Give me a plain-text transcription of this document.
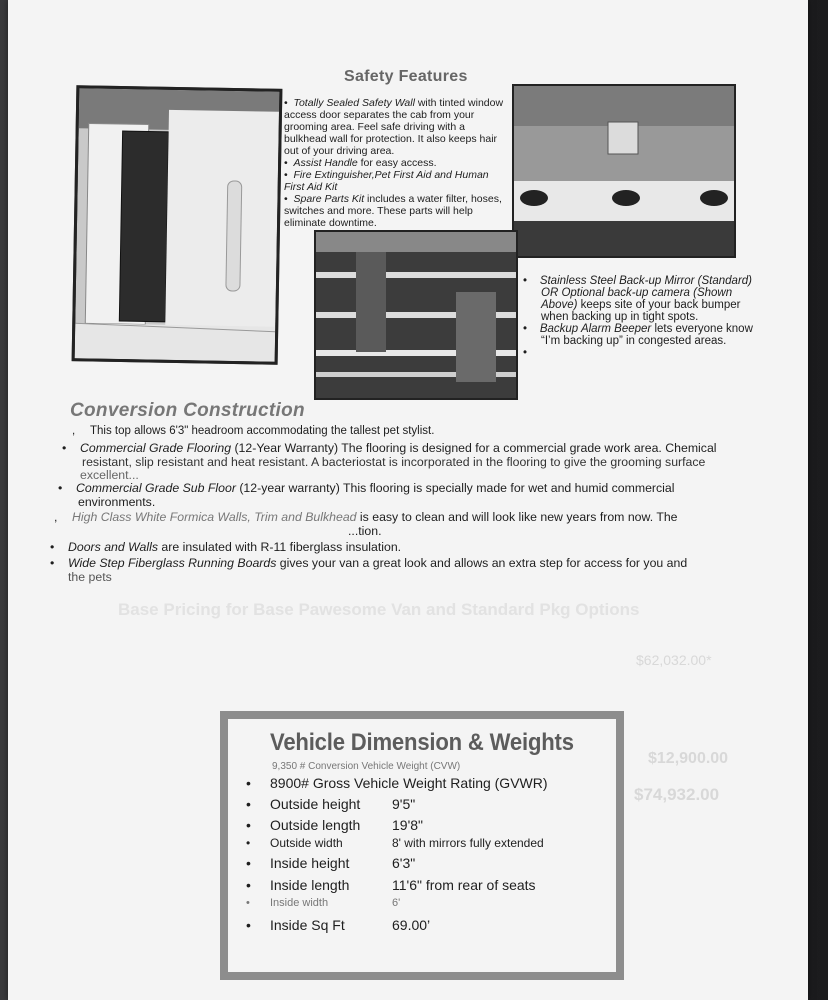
Base Pricing for Base Pawesome Van and Standard Pkg Options
$62,032.00*
$12,900.00
$74,932.00
Safety Features
•  Totally Sealed Safety Wall with tinted window access door separates the cab from your grooming area. Feel safe driving with a bulkhead wall for protection. It also keeps hair out of your driving area.
•  Assist Handle for easy access.
•  Fire Extinguisher,Pet First Aid and Human First Aid Kit
•  Spare Parts Kit includes a water filter, hoses, switches and more. These parts will help eliminate downtime.
•    Stainless Steel Back-up Mirror (Standard) OR Optional back-up camera (Shown Above) keeps site of your back bumper when backing up in tight spots.
•    Backup Alarm Beeper lets everyone know “I’m backing up” in congested areas.
•
Conversion Construction
, This top allows 6'3" headroom accommodating the tallest pet stylist.
• Commercial Grade Flooring (12-Year Warranty) The flooring is designed for a commercial grade work area. Chemical
resistant, slip resistant and heat resistant. A bacteriostat is incorporated in the flooring to give the grooming surface
excellent...
• Commercial Grade Sub Floor (12-year warranty) This flooring is specially made for wet and humid commercial
environments.
, High Class White Formica Walls, Trim and Bulkhead is easy to clean and will look like new years from now. The
...tion.
• Doors and Walls are insulated with R-11 fiberglass insulation.
• Wide Step Fiberglass Running Boards gives your van a great look and allows an extra step for access for you and
the pets
Vehicle Dimension & Weights
9,350 # Conversion Vehicle Weight (CVW)
• 8900# Gross Vehicle Weight Rating (GVWR)
• Outside height 9'5"
• Outside length 19'8"
• Outside width	8' with mirrors fully extended
• Inside height	6'3"
• Inside length	11'6" from rear of seats
• Inside width	6'
• Inside Sq Ft	69.00’
